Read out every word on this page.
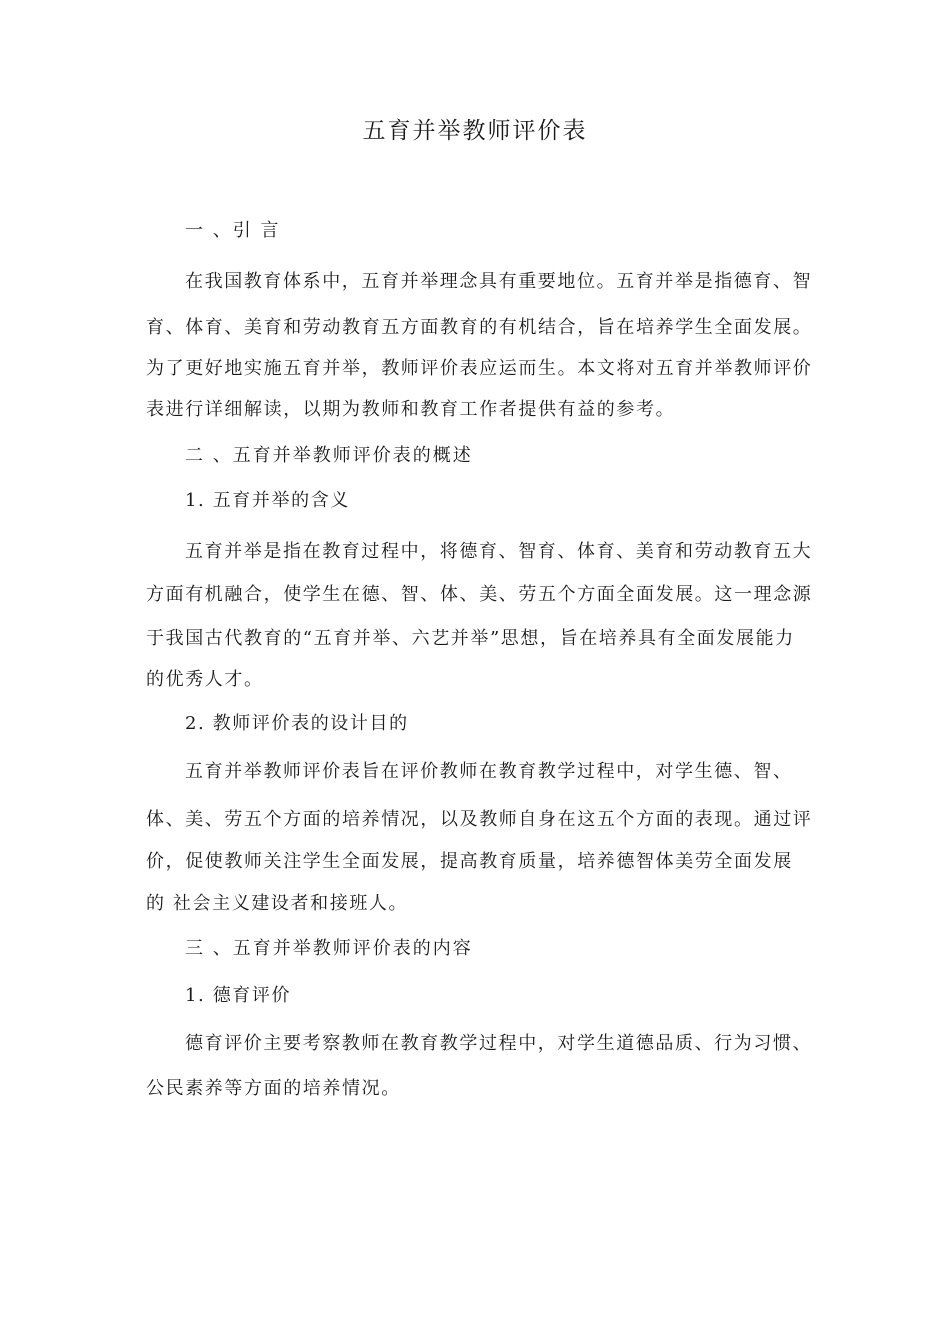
五育并举教师评价表
一 、引 言
在我国教育体系中，五育并举理念具有重要地位。五育并举是指德育、智
育、体育、美育和劳动教育五方面教育的有机结合，旨在培养学生全面发展。
为了更好地实施五育并举，教师评价表应运而生。本文将对五育并举教师评价
表进行详细解读，以期为教师和教育工作者提供有益的参考。
二 、五育并举教师评价表的概述
1. 五育并举的含义
五育并举是指在教育过程中，将德育、智育、体育、美育和劳动教育五大
方面有机融合，使学生在德、智、体、美、劳五个方面全面发展。这一理念源
于我国古代教育的“五育并举、六艺并举”思想，旨在培养具有全面发展能力
的优秀人才。
2. 教师评价表的设计目的
五育并举教师评价表旨在评价教师在教育教学过程中，对学生德、智、
体、美、劳五个方面的培养情况，以及教师自身在这五个方面的表现。通过评
价，促使教师关注学生全面发展，提高教育质量，培养德智体美劳全面发展
的 社会主义建设者和接班人。
三 、五育并举教师评价表的内容
1. 德育评价
德育评价主要考察教师在教育教学过程中，对学生道德品质、行为习惯、
公民素养等方面的培养情况。
